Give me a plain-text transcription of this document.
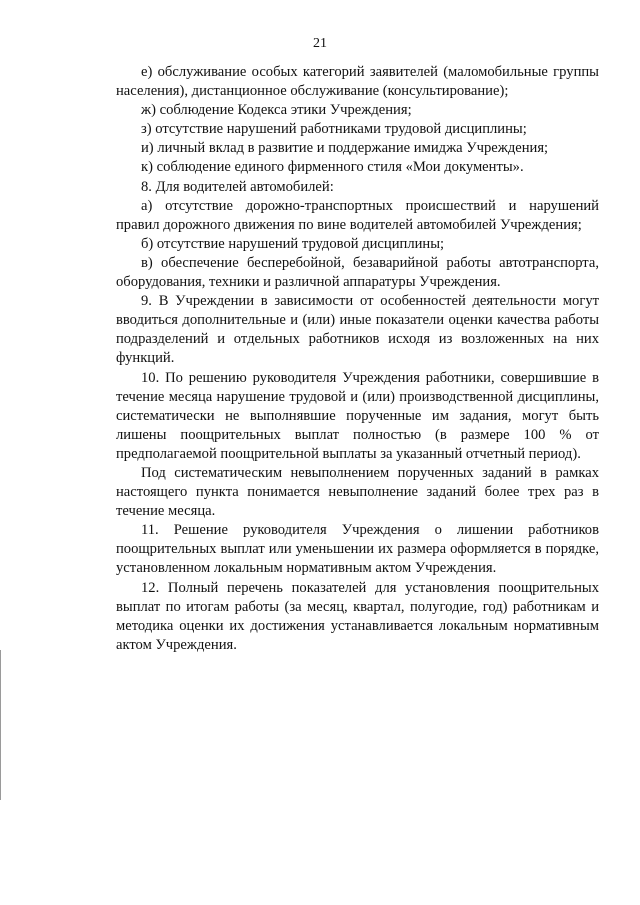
21

е) обслуживание особых категорий заявителей (маломобильные группы населения), дистанционное обслуживание (консультирование);

ж) соблюдение Кодекса этики Учреждения;

з) отсутствие нарушений работниками трудовой дисциплины;

и) личный вклад в развитие и поддержание имиджа Учреждения;

к) соблюдение единого фирменного стиля «Мои документы».

8. Для водителей автомобилей:

а) отсутствие дорожно-транспортных происшествий и нарушений правил дорожного движения по вине водителей автомобилей Учреждения;

б) отсутствие нарушений трудовой дисциплины;

в) обеспечение бесперебойной, безаварийной работы автотранспорта, оборудования, техники и различной аппаратуры Учреждения.

9. В Учреждении в зависимости от особенностей деятельности могут вводиться дополнительные и (или) иные показатели оценки качества работы подразделений и отдельных работников исходя из возложенных на них функций.

10. По решению руководителя Учреждения работники, совершившие в течение месяца нарушение трудовой и (или) производственной дисциплины, систематически не выполнявшие порученные им задания, могут быть лишены поощрительных выплат полностью (в размере 100 % от предполагаемой поощрительной выплаты за указанный отчетный период).

Под систематическим невыполнением порученных заданий в рамках настоящего пункта понимается невыполнение заданий более трех раз в течение месяца.

11. Решение руководителя Учреждения о лишении работников поощрительных выплат или уменьшении их размера оформляется в порядке, установленном локальным нормативным актом Учреждения.

12. Полный перечень показателей для установления поощрительных выплат по итогам работы (за месяц, квартал, полугодие, год) работникам и методика оценки их достижения устанавливается локальным нормативным актом Учреждения.
